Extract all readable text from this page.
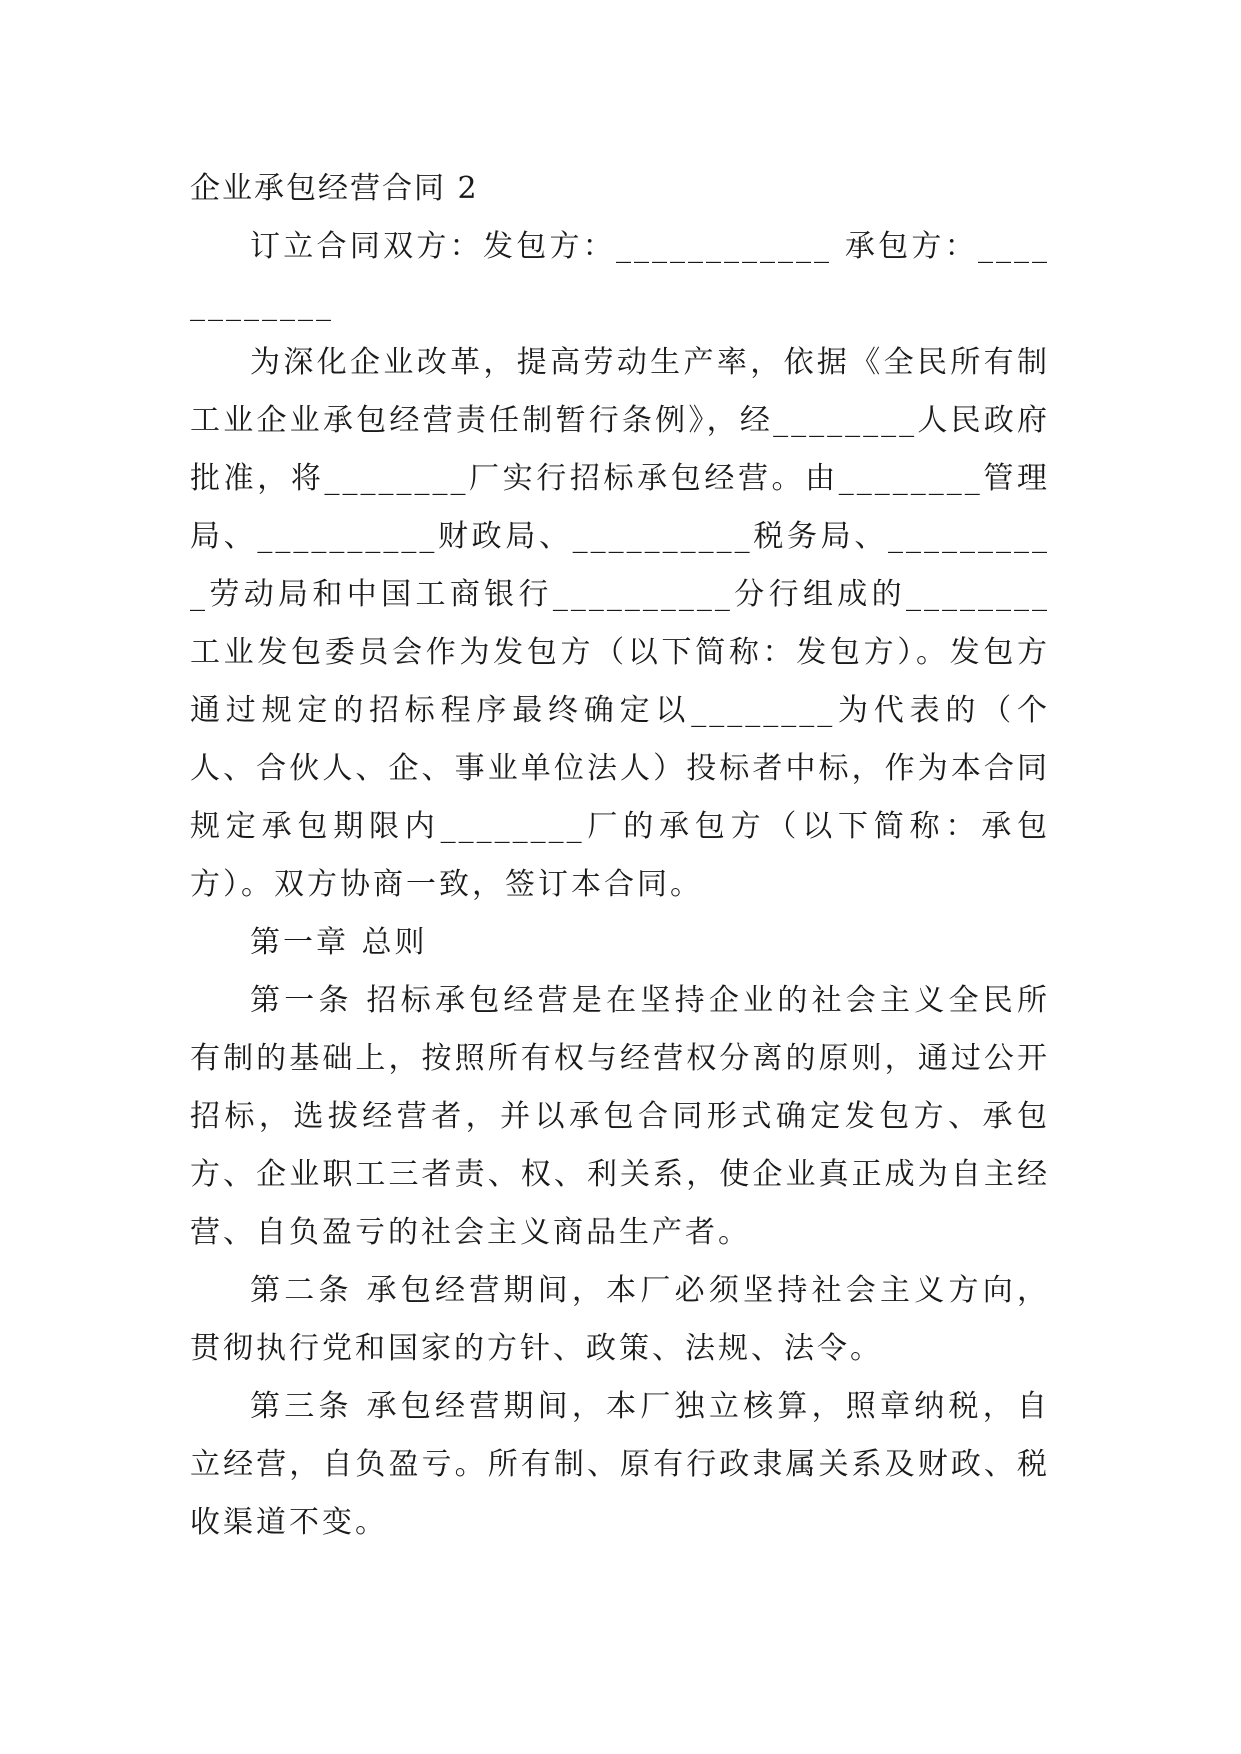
企业承包经营合同 2

订立合同双方：发包方：____________ 承包方：____________

为深化企业改革，提高劳动生产率，依据《全民所有制工业企业承包经营责任制暂行条例》，经________人民政府批准，将________厂实行招标承包经营。由________管理局、__________财政局、__________税务局、__________劳动局和中国工商银行__________分行组成的________工业发包委员会作为发包方（以下简称：发包方）。发包方通过规定的招标程序最终确定以________为代表的（个人、合伙人、企、事业单位法人）投标者中标，作为本合同规定承包期限内________厂的承包方（以下简称：承包方）。双方协商一致，签订本合同。

第一章 总则

第一条 招标承包经营是在坚持企业的社会主义全民所有制的基础上，按照所有权与经营权分离的原则，通过公开招标，选拔经营者，并以承包合同形式确定发包方、承包方、企业职工三者责、权、利关系，使企业真正成为自主经营、自负盈亏的社会主义商品生产者。

第二条 承包经营期间，本厂必须坚持社会主义方向，贯彻执行党和国家的方针、政策、法规、法令。

第三条 承包经营期间，本厂独立核算，照章纳税，自立经营，自负盈亏。所有制、原有行政隶属关系及财政、税收渠道不变。
